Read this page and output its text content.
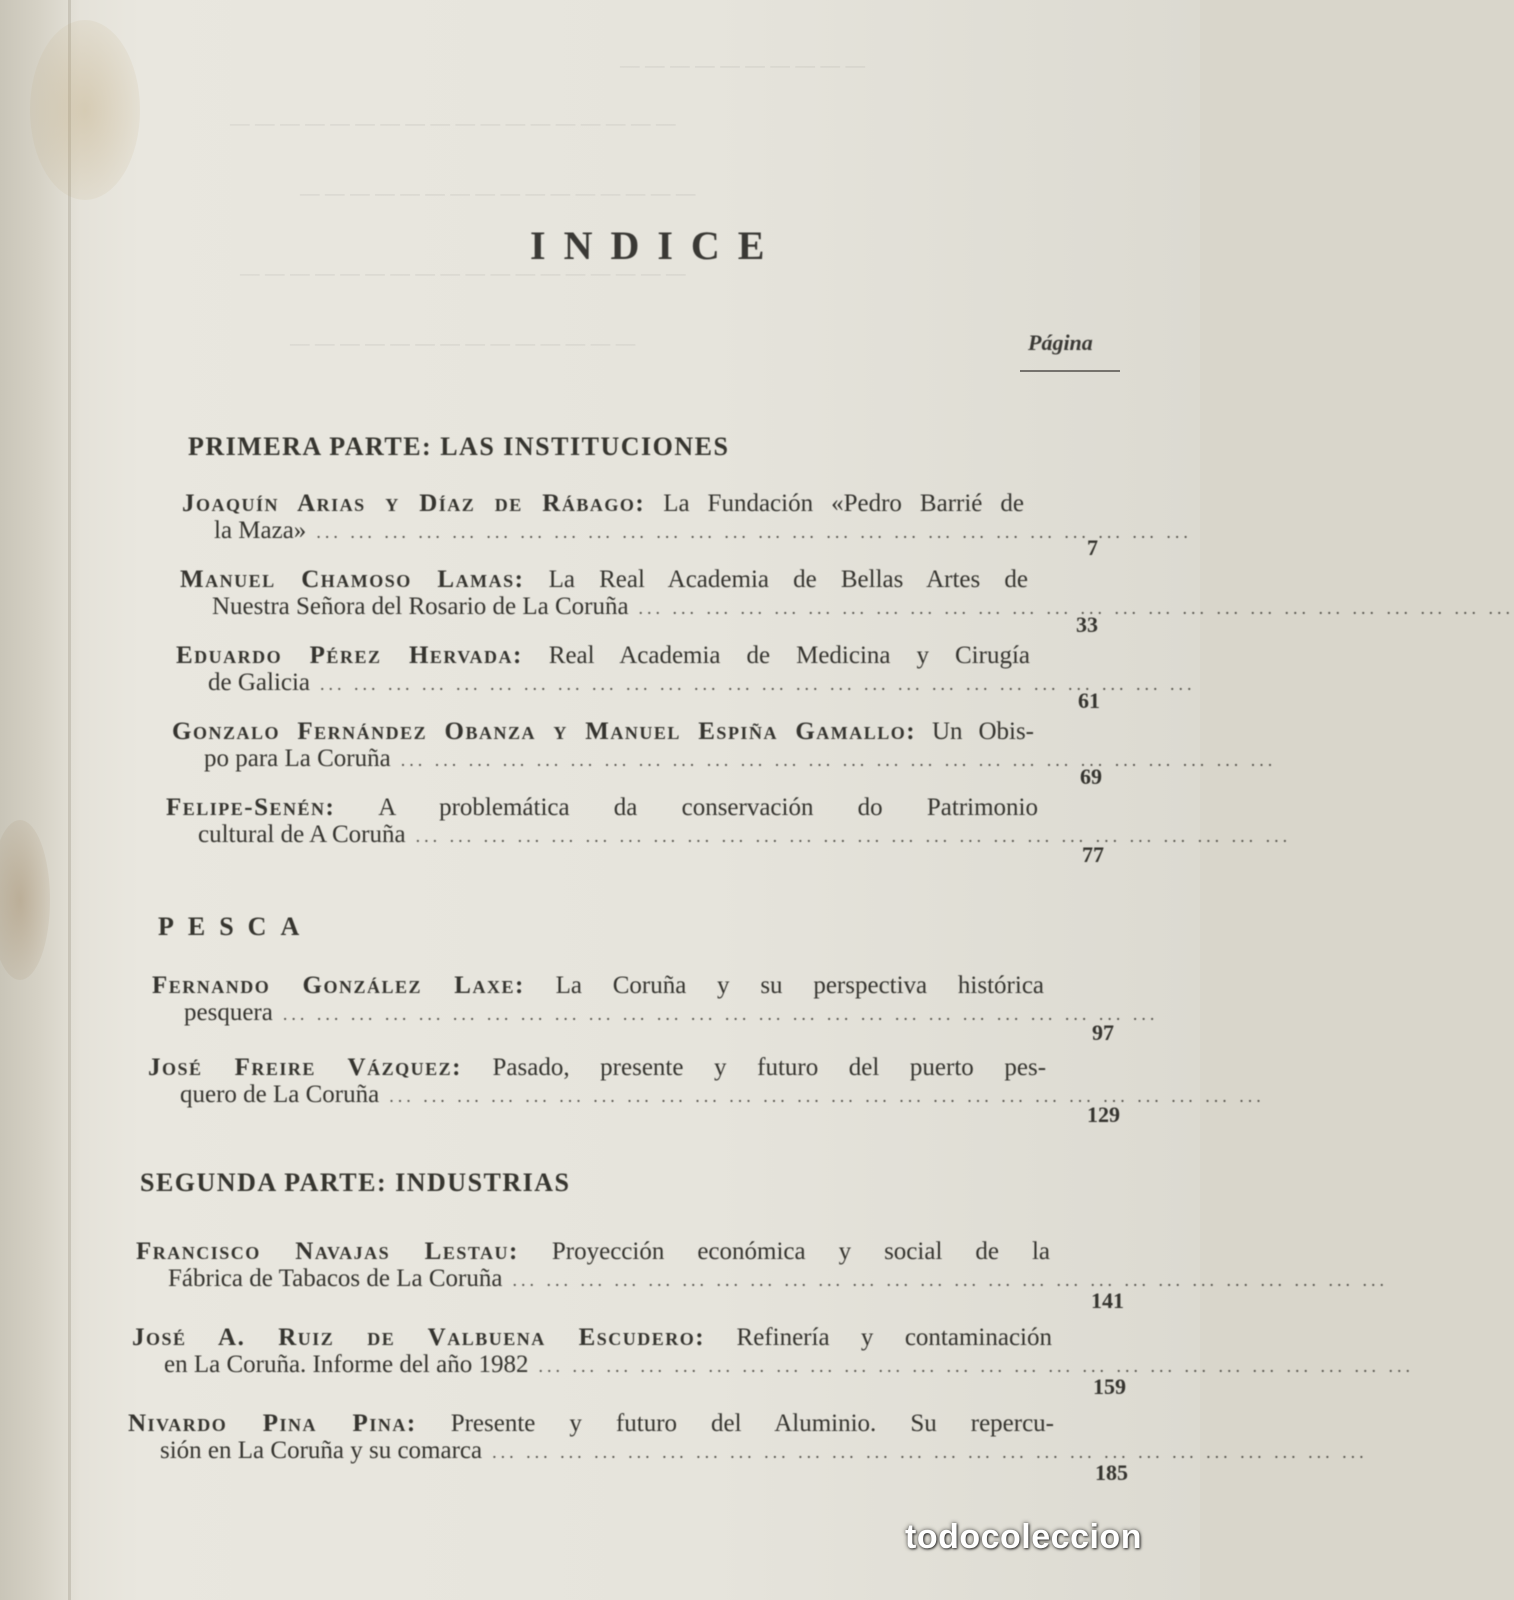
— — — — — — — — — —
— — — — — — — — — — — — — — — — — —
— — — — — — — — — — — — — — — —
— — — — — — — — — — — — — — — — — —
— — — — — — — — — — — — — —
INDICE
Página
PRIMERA PARTE: LAS INSTITUCIONES
Joaquín Arias y Díaz de Rábago: La Fundación «Pedro Barrié de
la Maza» ... ... ... ... ... ... ... ... ... ... ... ... ... ... ... ... ... ... ... ... ... ... ... ... ... ...
7
Manuel Chamoso Lamas: La Real Academia de Bellas Artes de
Nuestra Señora del Rosario de La Coruña ... ... ... ... ... ... ... ... ... ... ... ... ... ... ... ... ... ... ... ... ... ... ... ... ... ...
33
Eduardo Pérez Hervada: Real Academia de Medicina y Cirugía
de Galicia ... ... ... ... ... ... ... ... ... ... ... ... ... ... ... ... ... ... ... ... ... ... ... ... ... ...
61
Gonzalo Fernández Obanza y Manuel Espiña Gamallo: Un Obis-
po para La Coruña ... ... ... ... ... ... ... ... ... ... ... ... ... ... ... ... ... ... ... ... ... ... ... ... ... ...
69
Felipe-Senén: A problemática da conservación do Patrimonio
cultural de A Coruña ... ... ... ... ... ... ... ... ... ... ... ... ... ... ... ... ... ... ... ... ... ... ... ... ... ...
77
PESCA
Fernando González Laxe: La Coruña y su perspectiva histórica
pesquera ... ... ... ... ... ... ... ... ... ... ... ... ... ... ... ... ... ... ... ... ... ... ... ... ... ...
97
José Freire Vázquez: Pasado, presente y futuro del puerto pes-
quero de La Coruña ... ... ... ... ... ... ... ... ... ... ... ... ... ... ... ... ... ... ... ... ... ... ... ... ... ...
129
SEGUNDA PARTE: INDUSTRIAS
Francisco Navajas Lestau: Proyección económica y social de la
Fábrica de Tabacos de La Coruña ... ... ... ... ... ... ... ... ... ... ... ... ... ... ... ... ... ... ... ... ... ... ... ... ... ...
141
José A. Ruiz de Valbuena Escudero: Refinería y contaminación
en La Coruña. Informe del año 1982 ... ... ... ... ... ... ... ... ... ... ... ... ... ... ... ... ... ... ... ... ... ... ... ... ... ...
159
Nivardo Pina Pina: Presente y futuro del Aluminio. Su repercu-
sión en La Coruña y su comarca ... ... ... ... ... ... ... ... ... ... ... ... ... ... ... ... ... ... ... ... ... ... ... ... ... ...
185
todocoleccion
